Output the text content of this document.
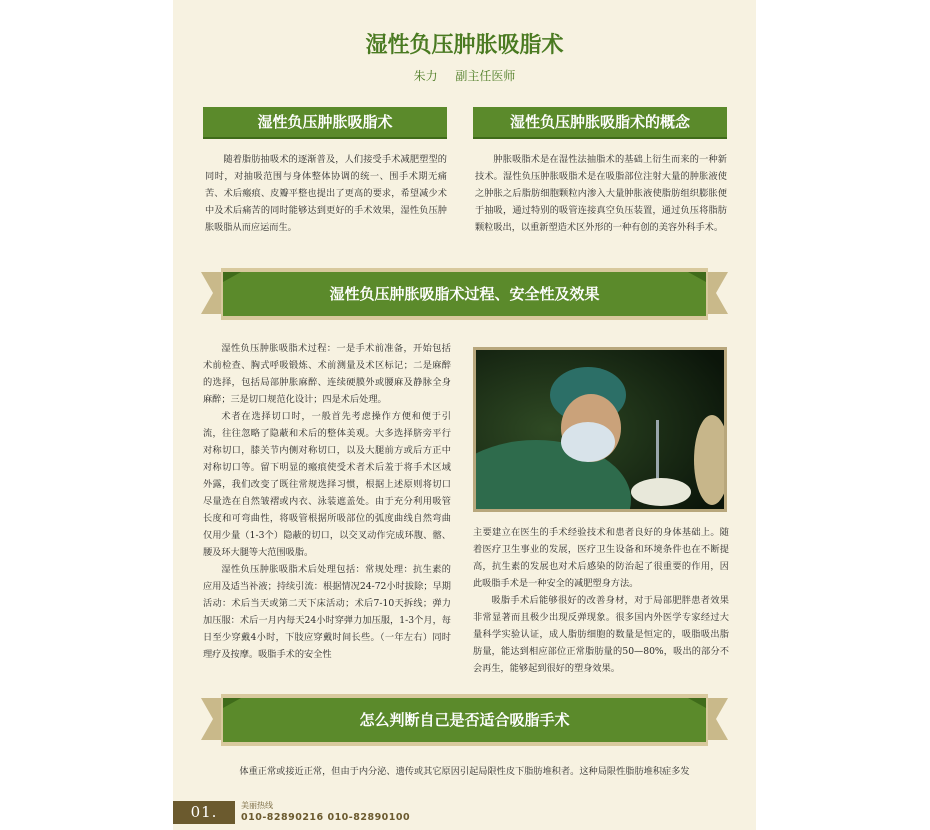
湿性负压肿胀吸脂术
朱力 副主任医师
湿性负压肿胀吸脂术

随着脂肪抽吸术的逐渐普及，人们接受手术减肥塑型的同时，对抽吸范围与身体整体协调的统一、围手术期无痛苦、术后瘢痕、皮瓣平整也提出了更高的要求，希望减少术中及术后痛苦的同时能够达到更好的手术效果，湿性负压肿胀吸脂从而应运而生。

湿性负压肿胀吸脂术的概念

肿胀吸脂术是在湿性法抽脂术的基础上衍生而来的一种新技术。湿性负压肿胀吸脂术是在吸脂部位注射大量的肿胀液使之肿胀之后脂肪细胞颗粒内渗入大量肿胀液使脂肪组织膨胀便于抽吸，通过特别的吸管连接真空负压装置，通过负压将脂肪颗粒吸出，以重新塑造术区外形的一种有创的美容外科手术。

湿性负压肿胀吸脂术过程、安全性及效果

湿性负压肿胀吸脂术过程：一是手术前准备，开始包括术前检查、胸式呼吸锻炼、术前测量及术区标记；二是麻醉的选择，包括局部肿胀麻醉、连续硬膜外或腰麻及静脉全身麻醉；三是切口规范化设计；四是术后处理。

术者在选择切口时，一般首先考虑操作方便和便于引流，往往忽略了隐蔽和术后的整体美观。大多选择脐旁平行对称切口，膝关节内侧对称切口，以及大腿前方或后方正中对称切口等。留下明显的瘢痕使受术者术后羞于将手术区域外露，我们改变了既往常规选择习惯，根据上述原则将切口尽量选在自然皱褶或内衣、泳装遮盖处。由于充分利用吸管长度和可弯曲性，将吸管根据所吸部位的弧度曲线自然弯曲仅用少量（1-3个）隐蔽的切口，以交叉动作完成环腹、髂、腰及环大腿等大范围吸脂。

湿性负压肿胀吸脂术后处理包括：常规处理：抗生素的应用及适当补液；持续引流：根据情况24-72小时拔除；早期活动：术后当天或第二天下床活动；术后7-10天拆线；弹力加压服：术后一月内每天24小时穿弹力加压服，1-3个月，每日至少穿戴4小时，下肢应穿戴时间长些。（一年左右）同时理疗及按摩。吸脂手术的安全性

主要建立在医生的手术经验技术和患者良好的身体基础上。随着医疗卫生事业的发展，医疗卫生设备和环境条件也在不断提高，抗生素的发展也对术后感染的防治起了很重要的作用，因此吸脂手术是一种安全的减肥塑身方法。

吸脂手术后能够很好的改善身材，对于局部肥胖患者效果非常显著而且极少出现反弹现象。很多国内外医学专家经过大量科学实验认证，成人脂肪细胞的数量是恒定的，吸脂吸出脂肪量，能达到相应部位正常脂肪量的50—80%，吸出的部分不会再生，能够起到很好的塑身效果。

怎么判断自己是否适合吸脂手术

体重正常或接近正常，但由于内分泌、遗传或其它原因引起局限性皮下脂肪堆积者。这种局限性脂肪堆积症多发

01.	美丽热线
010-82890216 010-82890100
